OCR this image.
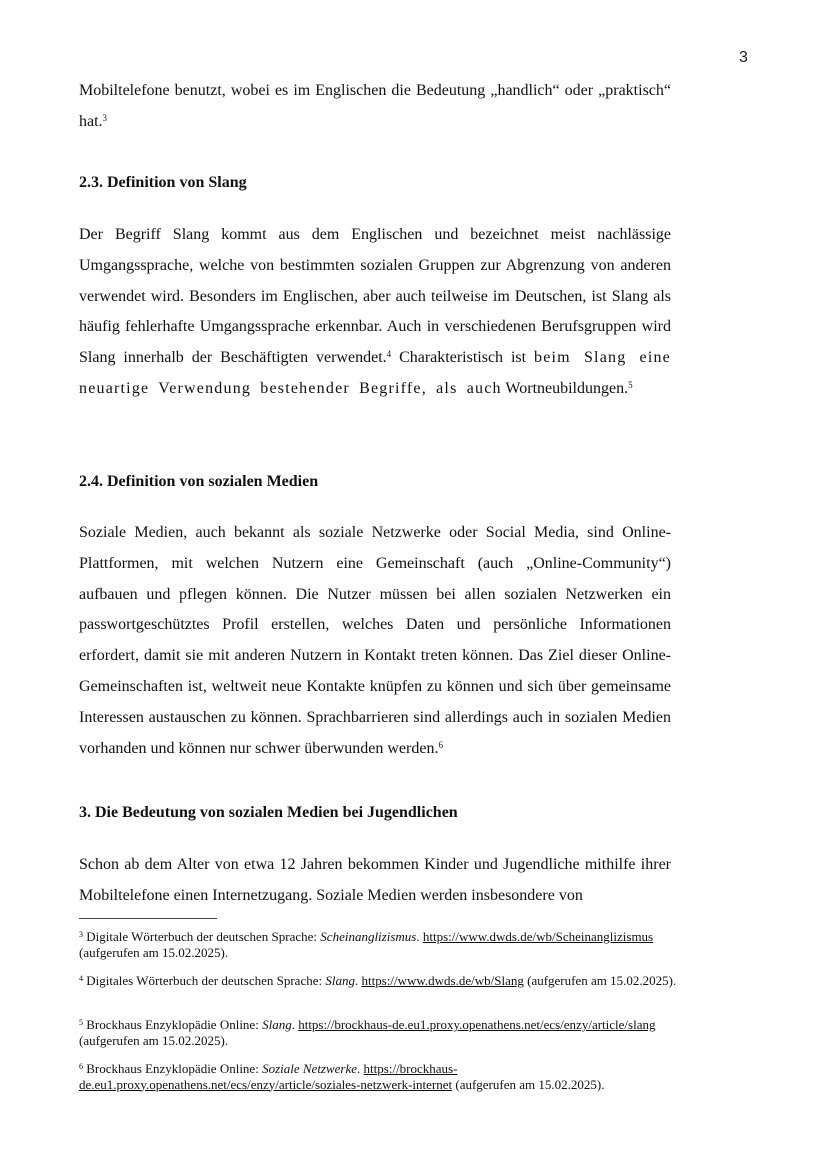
3

Mobiltelefone benutzt, wobei es im Englischen die Bedeutung „handlich“ oder „praktisch“ hat.$^3$

2.3. Definition von Slang

Der Begriff Slang kommt aus dem Englischen und bezeichnet meist nachlässige Umgangssprache, welche von bestimmten sozialen Gruppen zur Abgrenzung von anderen verwendet wird. Besonders im Englischen, aber auch teilweise im Deutschen, ist Slang als häufig fehlerhafte Umgangssprache erkennbar. Auch in verschiedenen Berufsgruppen wird Slang innerhalb der Beschäftigten verwendet.$^4$ Charakteristisch ist beim Slang eine neuartige Verwendung bestehender Begriffe, als auch Wortneubildungen.$^5$

2.4. Definition von sozialen Medien

Soziale Medien, auch bekannt als soziale Netzwerke oder Social Media, sind Online-Plattformen, mit welchen Nutzern eine Gemeinschaft (auch „Online-Community“) aufbauen und pflegen können. Die Nutzer müssen bei allen sozialen Netzwerken ein passwortgeschütztes Profil erstellen, welches Daten und persönliche Informationen erfordert, damit sie mit anderen Nutzern in Kontakt treten können. Das Ziel dieser Online-Gemeinschaften ist, weltweit neue Kontakte knüpfen zu können und sich über gemeinsame Interessen austauschen zu können. Sprachbarrieren sind allerdings auch in sozialen Medien vorhanden und können nur schwer überwunden werden.$^6$

3. Die Bedeutung von sozialen Medien bei Jugendlichen

Schon ab dem Alter von etwa 12 Jahren bekommen Kinder und Jugendliche mithilfe ihrer Mobiltelefone einen Internetzugang. Soziale Medien werden insbesondere von

$^3$ Digitale Wörterbuch der deutschen Sprache: Scheinanglizismus. https://www.dwds.de/wb/Scheinanglizismus (aufgerufen am 15.02.2025).

$^4$ Digitales Wörterbuch der deutschen Sprache: Slang. https://www.dwds.de/wb/Slang (aufgerufen am 15.02.2025).

$^5$ Brockhaus Enzyklopädie Online: Slang. https://brockhaus-de.eu1.proxy.openathens.net/ecs/enzy/article/slang (aufgerufen am 15.02.2025).

$^6$ Brockhaus Enzyklopädie Online: Soziale Netzwerke. https://brockhaus-de.eu1.proxy.openathens.net/ecs/enzy/article/soziales-netzwerk-internet (aufgerufen am 15.02.2025).
